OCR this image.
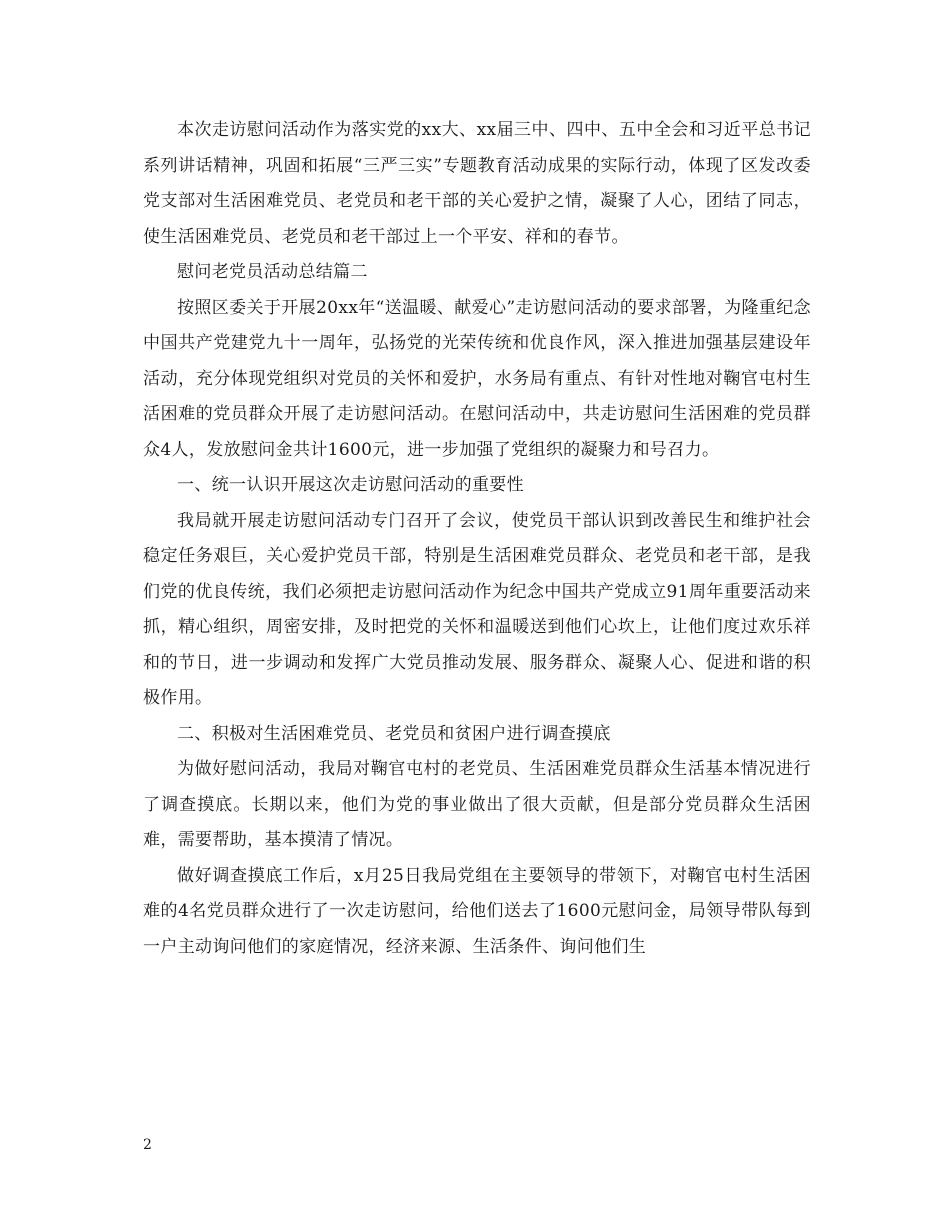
本次走访慰问活动作为落实党的xx大、xx届三中、四中、五中全会和习近平总书记系列讲话精神，巩固和拓展“三严三实”专题教育活动成果的实际行动，体现了区发改委党支部对生活困难党员、老党员和老干部的关心爱护之情，凝聚了人心，团结了同志，使生活困难党员、老党员和老干部过上一个平安、祥和的春节。

慰问老党员活动总结篇二

按照区委关于开展20xx年“送温暖、献爱心”走访慰问活动的要求部署，为隆重纪念中国共产党建党九十一周年，弘扬党的光荣传统和优良作风，深入推进加强基层建设年活动，充分体现党组织对党员的关怀和爱护，水务局有重点、有针对性地对鞠官屯村生活困难的党员群众开展了走访慰问活动。在慰问活动中，共走访慰问生活困难的党员群众4人，发放慰问金共计1600元，进一步加强了党组织的凝聚力和号召力。

一、统一认识开展这次走访慰问活动的重要性

我局就开展走访慰问活动专门召开了会议，使党员干部认识到改善民生和维护社会稳定任务艰巨，关心爱护党员干部，特别是生活困难党员群众、老党员和老干部，是我们党的优良传统，我们必须把走访慰问活动作为纪念中国共产党成立91周年重要活动来抓，精心组织，周密安排，及时把党的关怀和温暖送到他们心坎上，让他们度过欢乐祥和的节日，进一步调动和发挥广大党员推动发展、服务群众、凝聚人心、促进和谐的积极作用。

二、积极对生活困难党员、老党员和贫困户进行调查摸底

为做好慰问活动，我局对鞠官屯村的老党员、生活困难党员群众生活基本情况进行了调查摸底。长期以来，他们为党的事业做出了很大贡献，但是部分党员群众生活困难，需要帮助，基本摸清了情况。

做好调查摸底工作后，x月25日我局党组在主要领导的带领下，对鞠官屯村生活困难的4名党员群众进行了一次走访慰问，给他们送去了1600元慰问金，局领导带队每到一户主动询问他们的家庭情况，经济来源、生活条件、询问他们生

2
